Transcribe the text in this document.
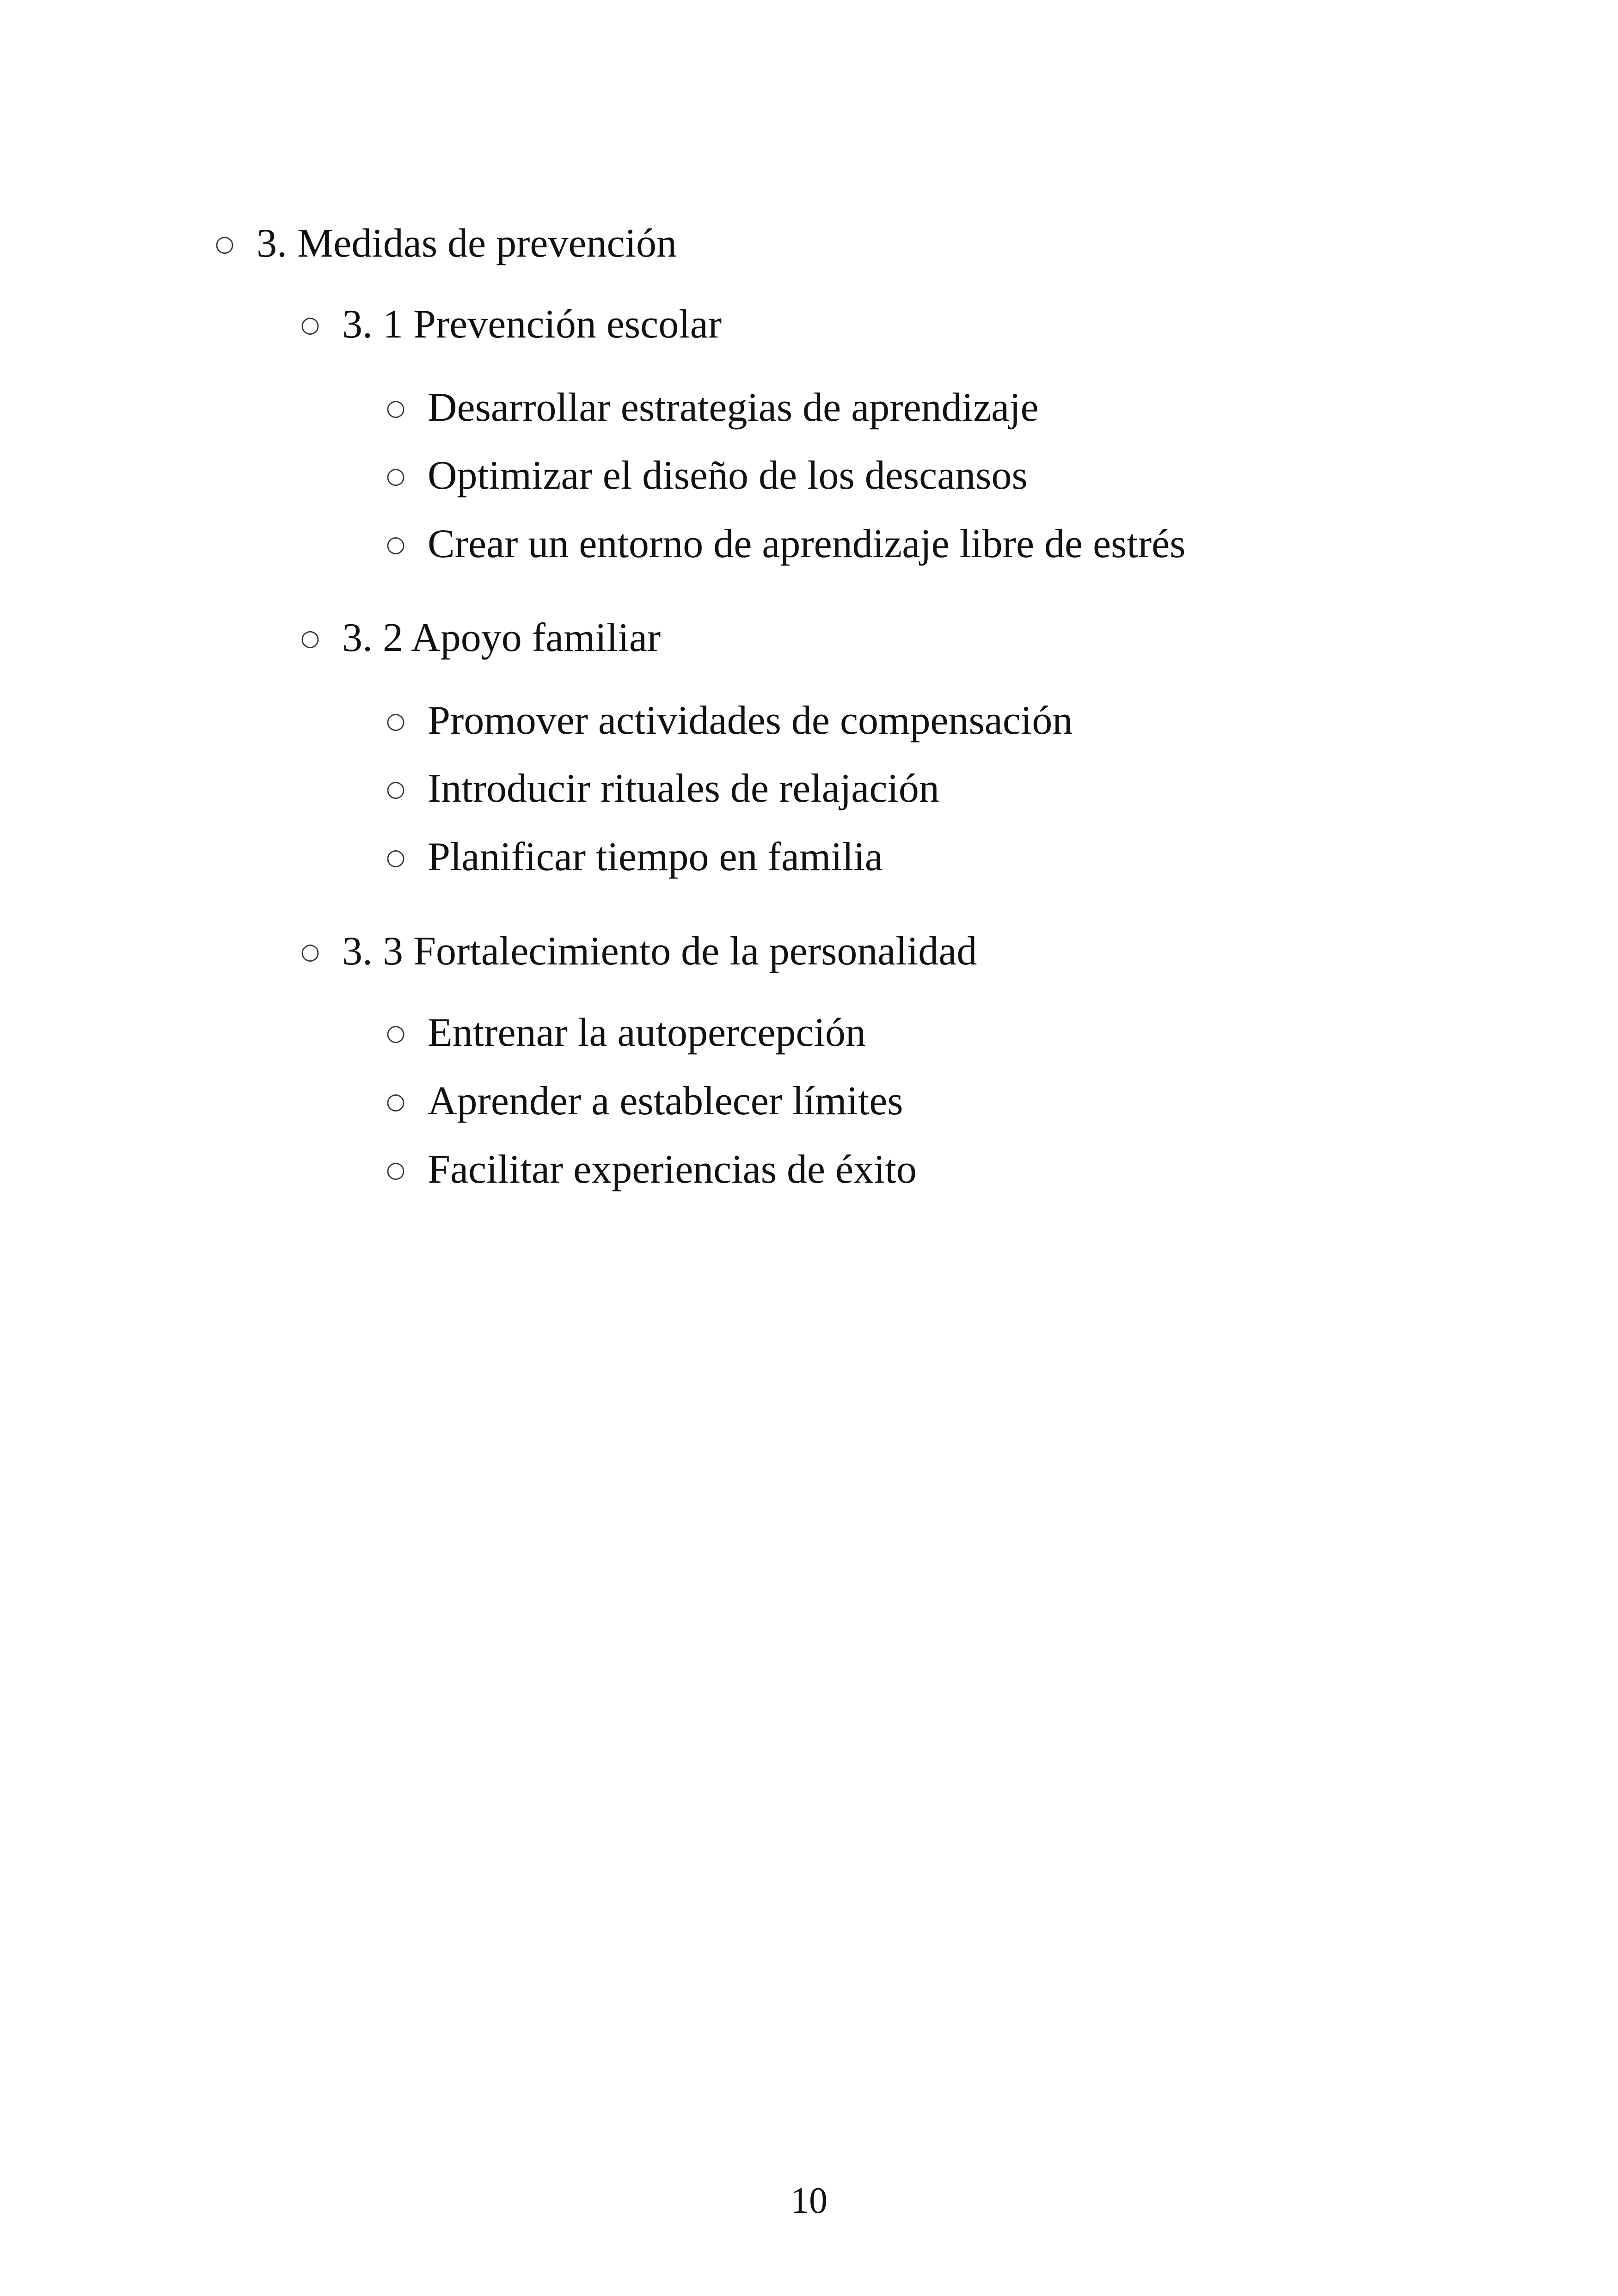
○ 3. Medidas de prevención
○ 3. 1 Prevención escolar
○ Desarrollar estrategias de aprendizaje
○ Optimizar el diseño de los descansos
○ Crear un entorno de aprendizaje libre de estrés
○ 3. 2 Apoyo familiar
○ Promover actividades de compensación
○ Introducir rituales de relajación
○ Planificar tiempo en familia
○ 3. 3 Fortalecimiento de la personalidad
○ Entrenar la autopercepción
○ Aprender a establecer límites
○ Facilitar experiencias de éxito
10
